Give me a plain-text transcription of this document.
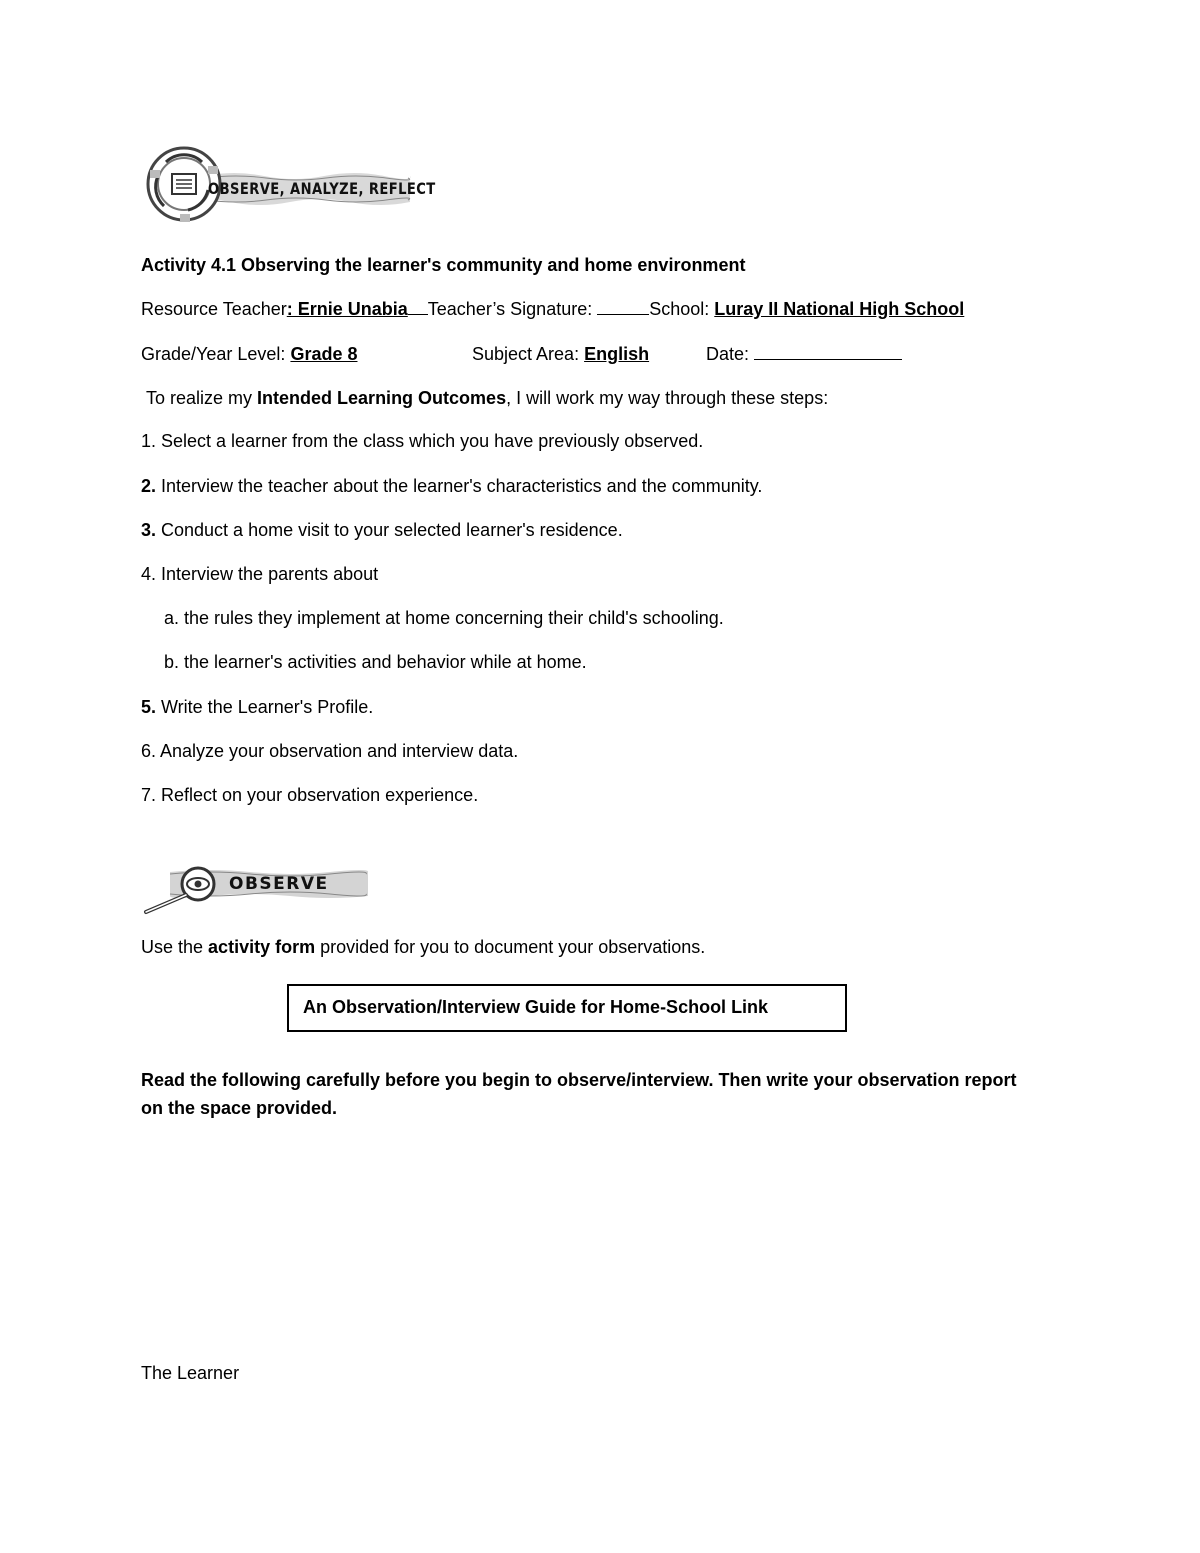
OBSERVE, ANALYZE, REFLECT
Activity 4.1 Observing the learner's community and home environment
Resource Teacher: Ernie Unabia Teacher’s Signature:	School: Luray II National High School
Grade/Year Level: Grade 8	Subject Area: English	Date:
To realize my Intended Learning Outcomes, I will work my way through these steps:
1. Select a learner from the class which you have previously observed.
2. Interview the teacher about the learner's characteristics and the community.
3. Conduct a home visit to your selected learner's residence.
4. Interview the parents about
a. the rules they implement at home concerning their child's schooling.
b. the learner's activities and behavior while at home.
5. Write the Learner's Profile.
6. Analyze your observation and interview data.
7. Reflect on your observation experience.
OBSERVE
Use the activity form provided for you to document your observations.
An Observation/Interview Guide for Home-School Link
Read the following carefully before you begin to observe/interview. Then write your observation report on the space provided.
The Learner
